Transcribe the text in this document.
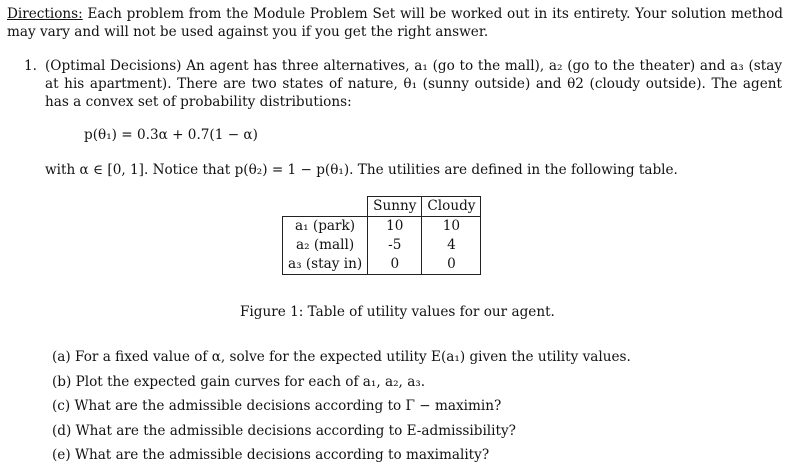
Directions: Each problem from the Module Problem Set will be worked out in its entirety. Your solution method may vary and will not be used against you if you get the right answer.
1. (Optimal Decisions) An agent has three alternatives, a₁ (go to the mall), a₂ (go to the theater) and a₃ (stay at his apartment). There are two states of nature, θ₁ (sunny outside) and θ2 (cloudy outside). The agent has a convex set of probability distributions:
p(θ₁) = 0.3α + 0.7(1 − α)
with α ∈ [0, 1]. Notice that p(θ₂) = 1 − p(θ₁). The utilities are defined in the following table.
	Sunny	Cloudy
a₁ (park)	10	10
a₂ (mall)	-5	4
a₃ (stay in)	0	0
Figure 1: Table of utility values for our agent.
(a) For a fixed value of α, solve for the expected utility E(a₁) given the utility values.
(b) Plot the expected gain curves for each of a₁, a₂, a₃.
(c) What are the admissible decisions according to Γ − maximin?
(d) What are the admissible decisions according to E-admissibility?
(e) What are the admissible decisions according to maximality?
